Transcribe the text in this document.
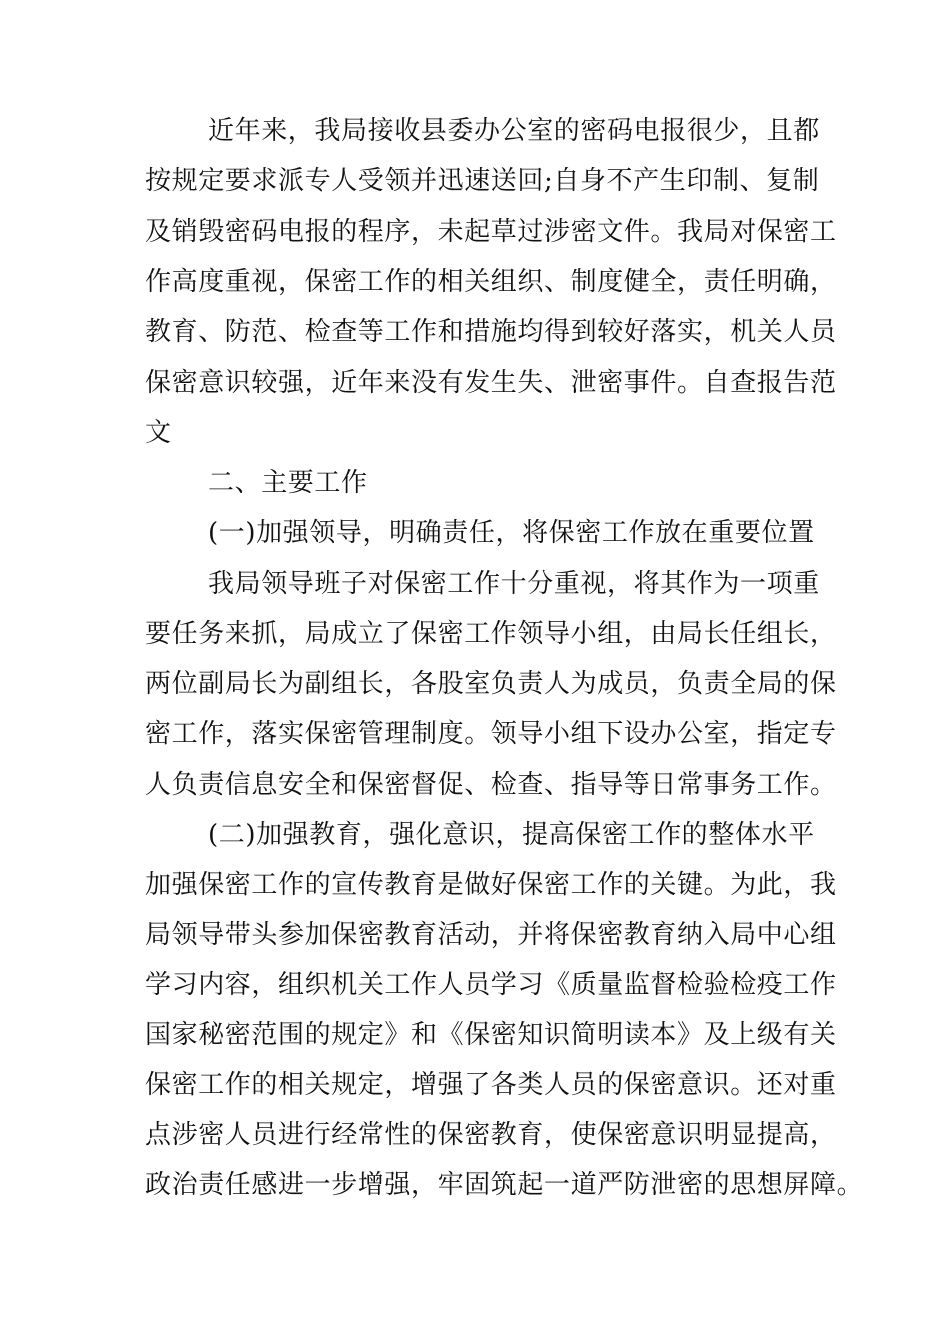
近年来，我局接收县委办公室的密码电报很少，且都

按规定要求派专人受领并迅速送回;自身不产生印制、复制

及销毁密码电报的程序，未起草过涉密文件。我局对保密工

作高度重视，保密工作的相关组织、制度健全，责任明确，

教育、防范、检查等工作和措施均得到较好落实，机关人员

保密意识较强，近年来没有发生失、泄密事件。自查报告范

文

二、主要工作

(一)加强领导，明确责任，将保密工作放在重要位置

我局领导班子对保密工作十分重视，将其作为一项重

要任务来抓，局成立了保密工作领导小组，由局长任组长，

两位副局长为副组长，各股室负责人为成员，负责全局的保

密工作，落实保密管理制度。领导小组下设办公室，指定专

人负责信息安全和保密督促、检查、指导等日常事务工作。

(二)加强教育，强化意识，提高保密工作的整体水平

加强保密工作的宣传教育是做好保密工作的关键。为此，我

局领导带头参加保密教育活动，并将保密教育纳入局中心组

学习内容，组织机关工作人员学习《质量监督检验检疫工作

国家秘密范围的规定》和《保密知识简明读本》及上级有关

保密工作的相关规定，增强了各类人员的保密意识。还对重

点涉密人员进行经常性的保密教育，使保密意识明显提高，

政治责任感进一步增强，牢固筑起一道严防泄密的思想屏障。
